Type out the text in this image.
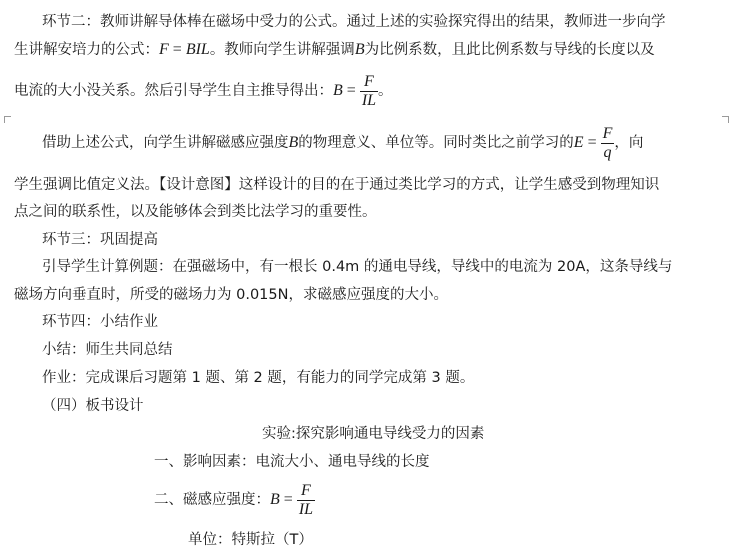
环节二：教师讲解导体棒在磁场中受力的公式。通过上述的实验探究得出的结果，教师进一步向学
生讲解安培力的公式：F = BIL。教师向学生讲解强调B为比例系数，且此比例系数与导线的长度以及
电流的大小没关系。然后引导学生自主推导得出：$B = \frac{F}{IL}$ 。
借助上述公式，向学生讲解磁感应强度B的物理意义、单位等。同时类比之前学习的$E = \frac{F}{q}$ ，向
学生强调比值定义法。【设计意图】这样设计的目的在于通过类比学习的方式，让学生感受到物理知识
点之间的联系性，以及能够体会到类比法学习的重要性。
环节三：巩固提高
引导学生计算例题：在强磁场中，有一根长 0.4m 的通电导线，导线中的电流为 20A，这条导线与
磁场方向垂直时，所受的磁场力为 0.015N，求磁感应强度的大小。
环节四：小结作业
小结：师生共同总结
作业：完成课后习题第 1 题、第 2 题，有能力的同学完成第 3 题。
（四）板书设计
实验:探究影响通电导线受力的因素
一、影响因素：电流大小、通电导线的长度
二、磁感应强度：$B = \frac{F}{IL}$
单位：特斯拉（T）
